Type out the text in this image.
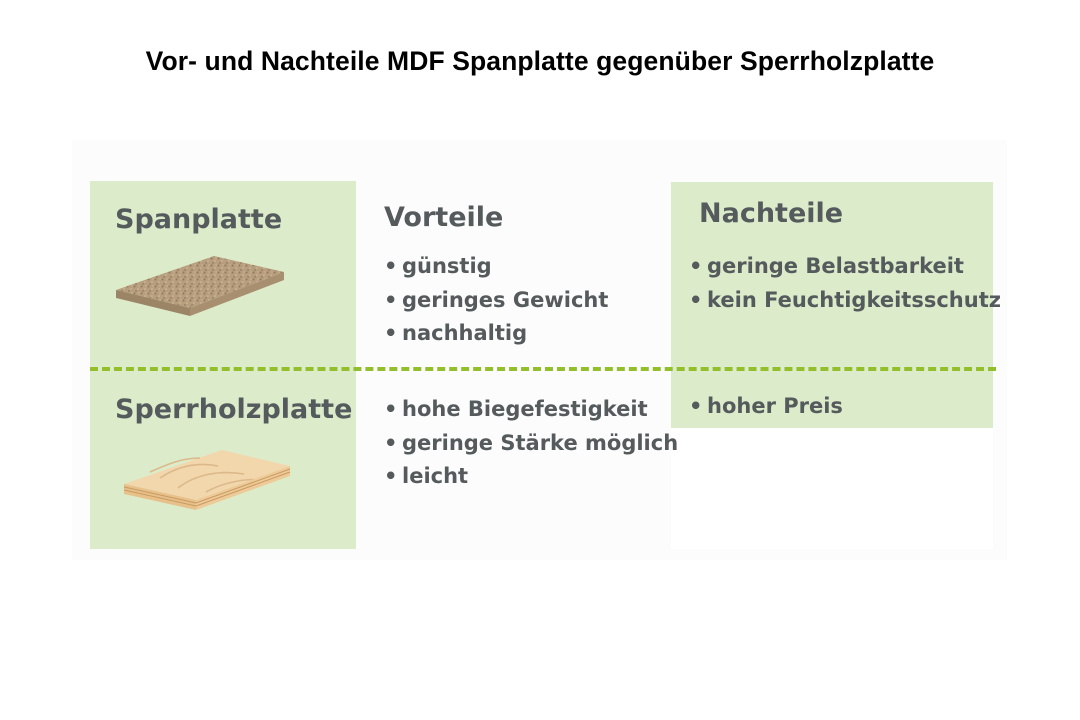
Vor- und Nachteile MDF Spanplatte gegenüber Sperrholzplatte
Vorteile	Nachteile
Spanplatte
• günstig
• geringes Gewicht
• nachhaltig
• geringe Belastbarkeit
• kein Feuchtigkeitsschutz
Sperrholzplatte • hohe Biegefestigkeit
• geringe Stärke möglich
• leicht
• hoher Preis
